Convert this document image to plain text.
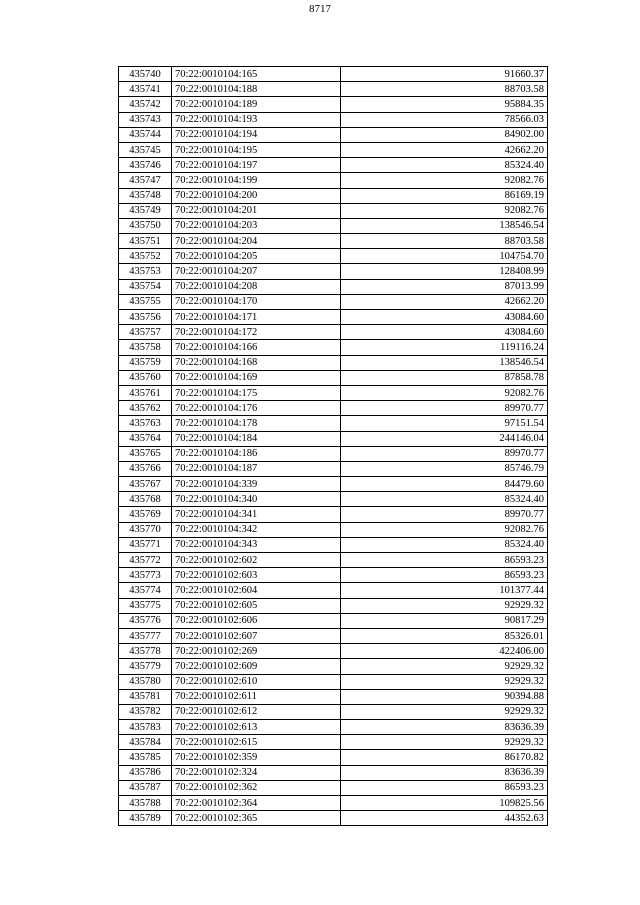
8717
435740	70:22:0010104:165	91660.37
435741	70:22:0010104:188	88703.58
435742	70:22:0010104:189	95884.35
435743	70:22:0010104:193	78566.03
435744	70:22:0010104:194	84902.00
435745	70:22:0010104:195	42662.20
435746	70:22:0010104:197	85324.40
435747	70:22:0010104:199	92082.76
435748	70:22:0010104:200	86169.19
435749	70:22:0010104:201	92082.76
435750	70:22:0010104:203	138546.54
435751	70:22:0010104:204	88703.58
435752	70:22:0010104:205	104754.70
435753	70:22:0010104:207	128408.99
435754	70:22:0010104:208	87013.99
435755	70:22:0010104:170	42662.20
435756	70:22:0010104:171	43084.60
435757	70:22:0010104:172	43084.60
435758	70:22:0010104:166	119116.24
435759	70:22:0010104:168	138546.54
435760	70:22:0010104:169	87858.78
435761	70:22:0010104:175	92082.76
435762	70:22:0010104:176	89970.77
435763	70:22:0010104:178	97151.54
435764	70:22:0010104:184	244146.04
435765	70:22:0010104:186	89970.77
435766	70:22:0010104:187	85746.79
435767	70:22:0010104:339	84479.60
435768	70:22:0010104:340	85324.40
435769	70:22:0010104:341	89970.77
435770	70:22:0010104:342	92082.76
435771	70:22:0010104:343	85324.40
435772	70:22:0010102:602	86593.23
435773	70:22:0010102:603	86593.23
435774	70:22:0010102:604	101377.44
435775	70:22:0010102:605	92929.32
435776	70:22:0010102:606	90817.29
435777	70:22:0010102:607	85326.01
435778	70:22:0010102:269	422406.00
435779	70:22:0010102:609	92929.32
435780	70:22:0010102:610	92929.32
435781	70:22:0010102:611	90394.88
435782	70:22:0010102:612	92929.32
435783	70:22:0010102:613	83636.39
435784	70:22:0010102:615	92929.32
435785	70:22:0010102:359	86170.82
435786	70:22:0010102:324	83636.39
435787	70:22:0010102:362	86593.23
435788	70:22:0010102:364	109825.56
435789	70:22:0010102:365	44352.63
